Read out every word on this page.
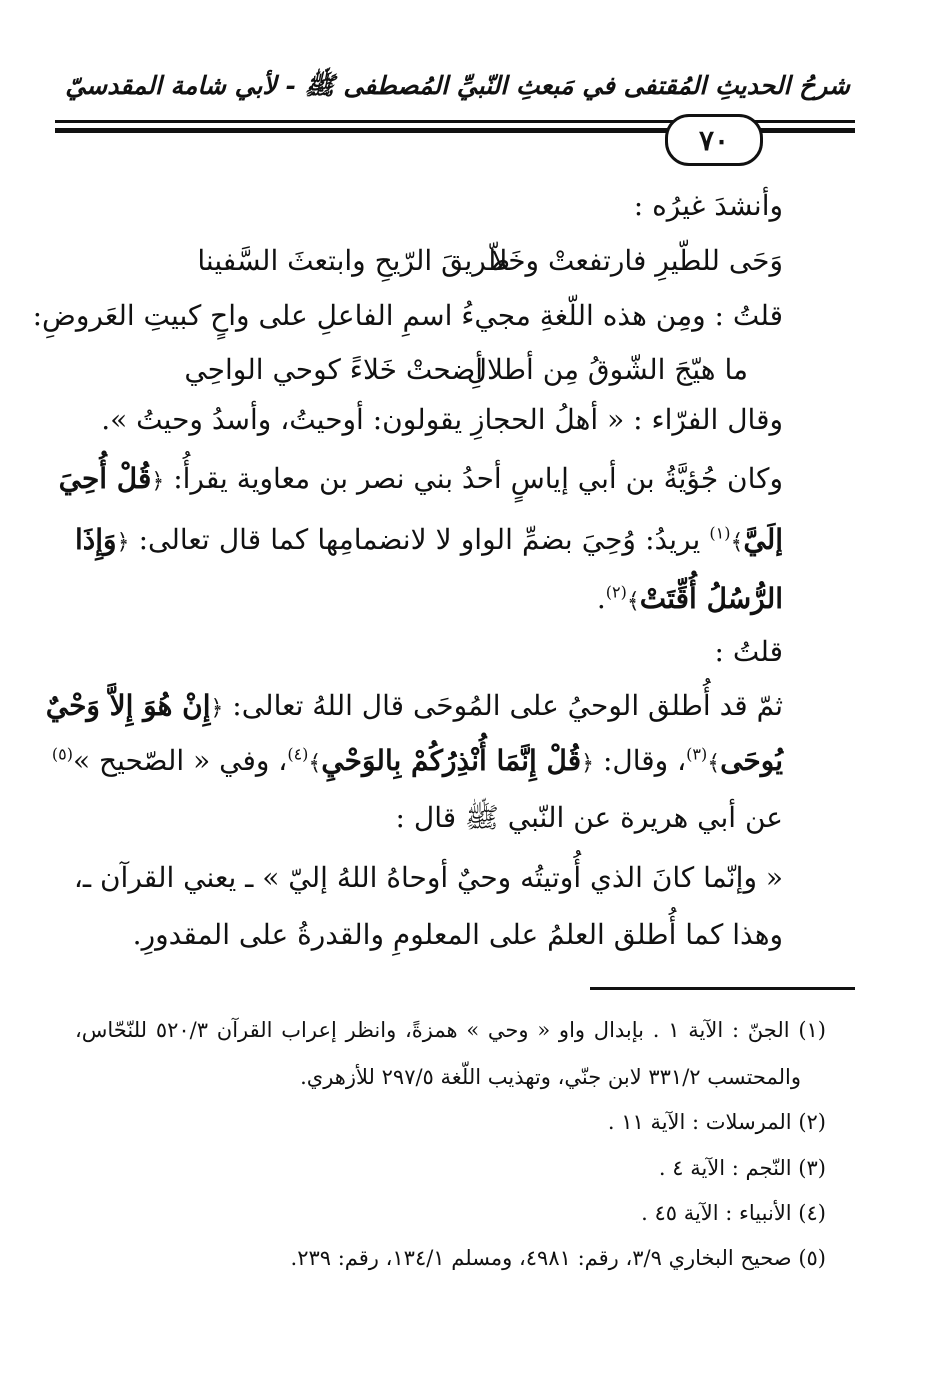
شرحُ الحديثِ المُقتفى في مَبعثِ النّبيِّ المُصطفى ﷺ - لأبي شامة المقدسيّ
٧٠
وأنشدَ غيرُه :
وَحَى للطّيرِ فارتفعتْ وخَلاّ
طريقَ الرّيحِ وابتعثَ السَّفينا
قلتُ : ومِن هذه اللّغةِ مجيءُ اسمِ الفاعلِ على واحٍ كبيتِ العَروضِ:
ما هيّجَ الشّوقُ مِن أطلالِ
أضحتْ خَلاءً كوحي الواحِي
وقال الفرّاء : « أهلُ الحجازِ يقولون: أوحيتُ، وأسدُ وحيتُ ».
وكان جُؤيَّةُ بن أبي إياسٍ أحدُ بني نصر بن معاوية يقرأُ: ﴿قُلْ أُحِيَ
إلَيَّ﴾$^{(١)}$ يريدُ: وُحِيَ بضمِّ الواو لا لانضمامِها كما قال تعالى: ﴿وَإِذَا
الرُّسُلُ أُقِّتَتْ﴾$^{(٢)}$.
قلتُ :
ثمّ قد أُطلق الوحيُ على المُوحَى قال اللهُ تعالى: ﴿إِنْ هُوَ إِلاَّ وَحْيٌ
يُوحَى﴾$^{(٣)}$، وقال: ﴿قُلْ إِنَّمَا أُنْذِرُكُمْ بِالوَحْيِ﴾$^{(٤)}$، وفي « الصّحيح »$^{(٥)}$
عن أبي هريرة عن النّبي ﷺ قال :
« وإنّما كانَ الذي أُوتيتُه وحيٌ أوحاهُ اللهُ إليّ » ـ يعني القرآن ـ،
وهذا كما أُطلق العلمُ على المعلومِ والقدرةُ على المقدورِ.
(١) الجنّ : الآية ١ . بإبدال واو « وحي » همزةً، وانظر إعراب القرآن ٥٢٠/٣ للنّحّاس،
والمحتسب ٣٣١/٢ لابن جنّي، وتهذيب اللّغة ٢٩٧/٥ للأزهري.
(٢) المرسلات : الآية ١١ .
(٣) النّجم : الآية ٤ .
(٤) الأنبياء : الآية ٤٥ .
(٥) صحيح البخاري ٣/٩، رقم: ٤٩٨١، ومسلم ١٣٤/١، رقم: ٢٣٩.
